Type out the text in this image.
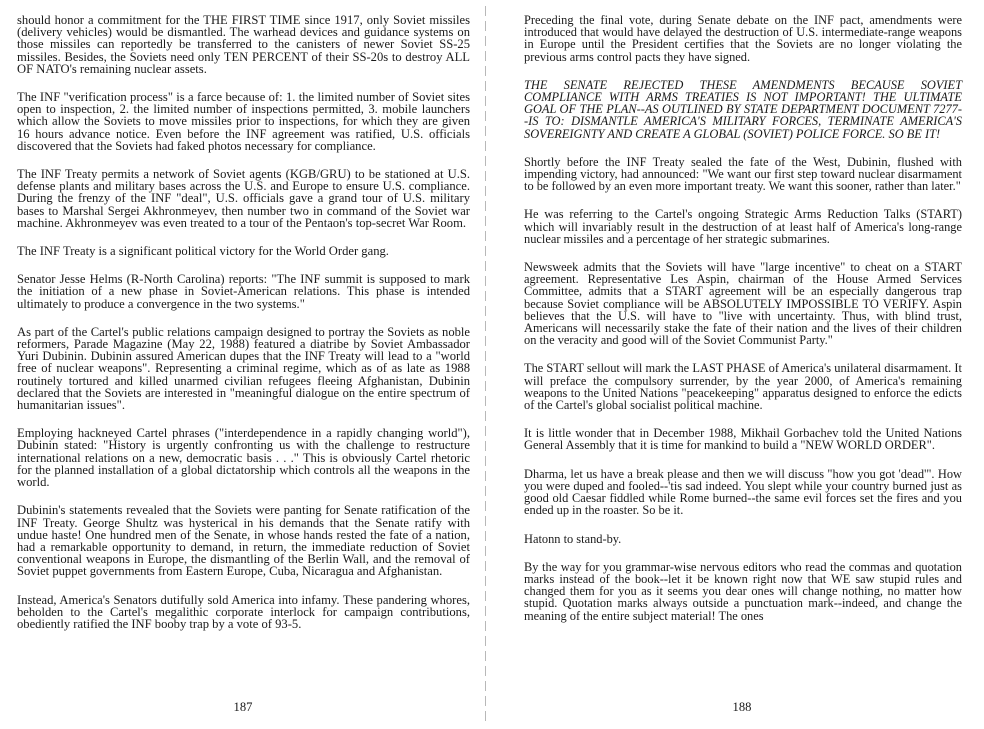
should honor a commitment for the THE FIRST TIME since 1917, only Soviet missiles (delivery vehicles) would be dismantled. The warhead devices and guidance systems on those missiles can reportedly be transferred to the canisters of newer Soviet SS-25 missiles. Besides, the Soviets need only TEN PERCENT of their SS-20s to destroy ALL OF NATO's remaining nuclear assets.

The INF "verification process" is a farce because of: 1. the limited number of Soviet sites open to inspection, 2. the limited number of inspections permitted, 3. mobile launchers which allow the Soviets to move missiles prior to inspections, for which they are given 16 hours advance notice. Even before the INF agreement was ratified, U.S. officials discovered that the Soviets had faked photos necessary for compliance.

The INF Treaty permits a network of Soviet agents (KGB/GRU) to be stationed at U.S. defense plants and military bases across the U.S. and Europe to ensure U.S. compliance. During the frenzy of the INF "deal", U.S. officials gave a grand tour of U.S. military bases to Marshal Sergei Akhronmeyev, then number two in command of the Soviet war machine. Akhronmeyev was even treated to a tour of the Pentaon's top-secret War Room.

The INF Treaty is a significant political victory for the World Order gang.

Senator Jesse Helms (R-North Carolina) reports: "The INF summit is supposed to mark the initiation of a new phase in Soviet-American relations. This phase is intended ultimately to produce a convergence in the two systems."

As part of the Cartel's public relations campaign designed to portray the Soviets as noble reformers, Parade Magazine (May 22, 1988) featured a diatribe by Soviet Ambassador Yuri Dubinin. Dubinin assured American dupes that the INF Treaty will lead to a "world free of nuclear weapons". Representing a criminal regime, which as of as late as 1988 routinely tortured and killed unarmed civilian refugees fleeing Afghanistan, Dubinin declared that the Soviets are interested in "meaningful dialogue on the entire spectrum of humanitarian issues".

Employing hackneyed Cartel phrases ("interdependence in a rapidly changing world"), Dubinin stated: "History is urgently confronting us with the challenge to restructure international relations on a new, democratic basis . . ." This is obviously Cartel rhetoric for the planned installation of a global dictatorship which controls all the weapons in the world.

Dubinin's statements revealed that the Soviets were panting for Senate ratification of the INF Treaty. George Shultz was hysterical in his demands that the Senate ratify with undue haste! One hundred men of the Senate, in whose hands rested the fate of a nation, had a remarkable opportunity to demand, in return, the immediate reduction of Soviet conventional weapons in Europe, the dismantling of the Berlin Wall, and the removal of Soviet puppet governments from Eastern Europe, Cuba, Nicaragua and Afghanistan.

Instead, America's Senators dutifully sold America into infamy. These pandering whores, beholden to the Cartel's megalithic corporate interlock for campaign contributions, obediently ratified the INF booby trap by a vote of 93-5.

187

Preceding the final vote, during Senate debate on the INF pact, amendments were introduced that would have delayed the destruction of U.S. intermediate-range weapons in Europe until the President certifies that the Soviets are no longer violating the previous arms control pacts they have signed.

THE SENATE REJECTED THESE AMENDMENTS BECAUSE SOVIET COMPLIANCE WITH ARMS TREATIES IS NOT IMPORTANT! THE ULTIMATE GOAL OF THE PLAN--AS OUTLINED BY STATE DEPARTMENT DOCUMENT 7277--IS TO: DISMANTLE AMERICA'S MILITARY FORCES, TERMINATE AMERICA'S SOVEREIGNTY AND CREATE A GLOBAL (SOVIET) POLICE FORCE. SO BE IT!

Shortly before the INF Treaty sealed the fate of the West, Dubinin, flushed with impending victory, had announced: "We want our first step toward nuclear disarmament to be followed by an even more important treaty. We want this sooner, rather than later."

He was referring to the Cartel's ongoing Strategic Arms Reduction Talks (START) which will invariably result in the destruction of at least half of America's long-range nuclear missiles and a percentage of her strategic submarines.

Newsweek admits that the Soviets will have "large incentive" to cheat on a START agreement. Representative Les Aspin, chairman of the House Armed Services Committee, admits that a START agreement will be an especially dangerous trap because Soviet compliance will be ABSOLUTELY IMPOSSIBLE TO VERIFY. Aspin believes that the U.S. will have to "live with uncertainty. Thus, with blind trust, Americans will necessarily stake the fate of their nation and the lives of their children on the veracity and good will of the Soviet Communist Party."

The START sellout will mark the LAST PHASE of America's unilateral disarmament. It will preface the compulsory surrender, by the year 2000, of America's remaining weapons to the United Nations "peacekeeping" apparatus designed to enforce the edicts of the Cartel's global socialist political machine.

It is little wonder that in December 1988, Mikhail Gorbachev told the United Nations General Assembly that it is time for mankind to build a "NEW WORLD ORDER".

Dharma, let us have a break please and then we will discuss "how you got 'dead'". How you were duped and fooled--'tis sad indeed. You slept while your country burned just as good old Caesar fiddled while Rome burned--the same evil forces set the fires and you ended up in the roaster. So be it.

Hatonn to stand-by.

By the way for you grammar-wise nervous editors who read the commas and quotation marks instead of the book--let it be known right now that WE saw stupid rules and changed them for you as it seems you dear ones will change nothing, no matter how stupid. Quotation marks always outside a punctuation mark--indeed, and change the meaning of the entire subject material! The ones

188
